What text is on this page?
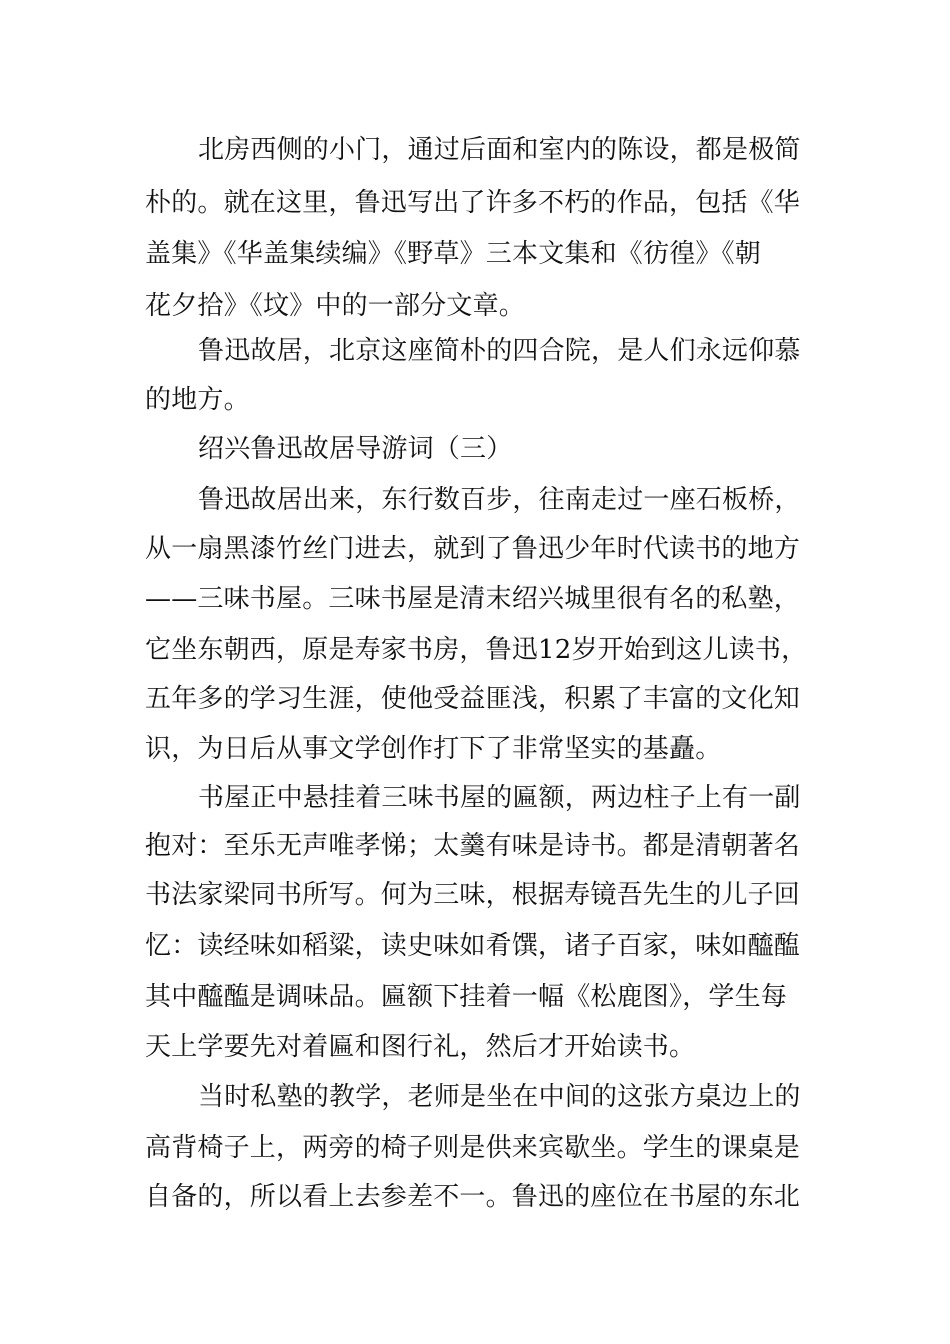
北房西侧的小门，通过后面和室内的陈设，都是极简
朴的。就在这里，鲁迅写出了许多不朽的作品，包括《华
盖集》《华盖集续编》《野草》三本文集和《彷徨》《朝
花夕拾》《坟》中的一部分文章。
鲁迅故居，北京这座简朴的四合院，是人们永远仰慕
的地方。
绍兴鲁迅故居导游词（三）
鲁迅故居出来，东行数百步，往南走过一座石板桥，
从一扇黑漆竹丝门进去，就到了鲁迅少年时代读书的地方
——三味书屋。三味书屋是清末绍兴城里很有名的私塾，
它坐东朝西，原是寿家书房，鲁迅12岁开始到这儿读书，
五年多的学习生涯，使他受益匪浅，积累了丰富的文化知
识，为日后从事文学创作打下了非常坚实的基矗。
书屋正中悬挂着三味书屋的匾额，两边柱子上有一副
抱对：至乐无声唯孝悌；太羹有味是诗书。都是清朝著名
书法家梁同书所写。何为三味，根据寿镜吾先生的儿子回
忆：读经味如稻粱，读史味如肴馔，诸子百家，味如醯醢
其中醯醢是调味品。匾额下挂着一幅《松鹿图》，学生每
天上学要先对着匾和图行礼，然后才开始读书。
当时私塾的教学，老师是坐在中间的这张方桌边上的
高背椅子上，两旁的椅子则是供来宾歇坐。学生的课桌是
自备的，所以看上去参差不一。鲁迅的座位在书屋的东北
